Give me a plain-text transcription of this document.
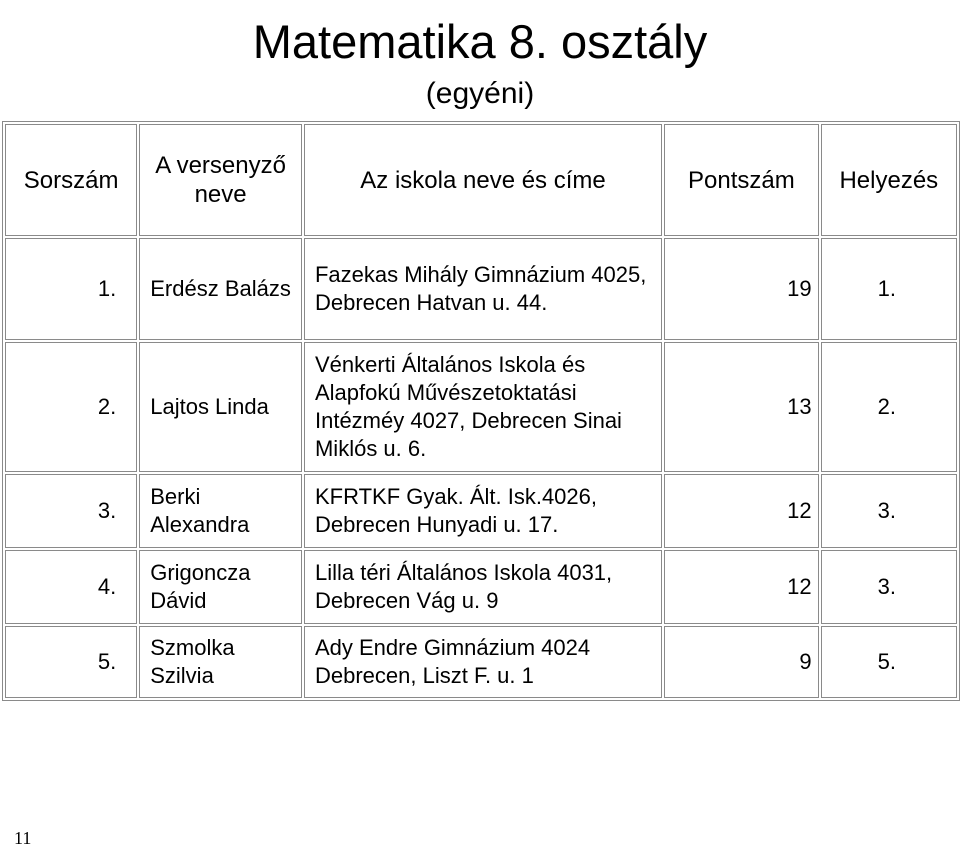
Matematika 8. osztály
(egyéni)
Sorszám	A versenyző neve	Az iskola neve és címe	Pontszám	Helyezés
1.	Erdész Balázs	Fazekas Mihály Gimnázium 4025, Debrecen Hatvan u. 44.	19	1.
2.	Lajtos Linda	Vénkerti Általános Iskola és Alapfokú Művészetoktatási Intézméy 4027, Debrecen Sinai Miklós u. 6.	13	2.
3.	Berki Alexandra	KFRTKF Gyak. Ált. Isk.4026, Debrecen Hunyadi u. 17.	12	3.
4.	Grigoncza Dávid	Lilla téri Általános Iskola 4031, Debrecen Vág u. 9	12	3.
5.	Szmolka Szilvia	Ady Endre Gimnázium 4024 Debrecen, Liszt F. u. 1	9	5.
11
